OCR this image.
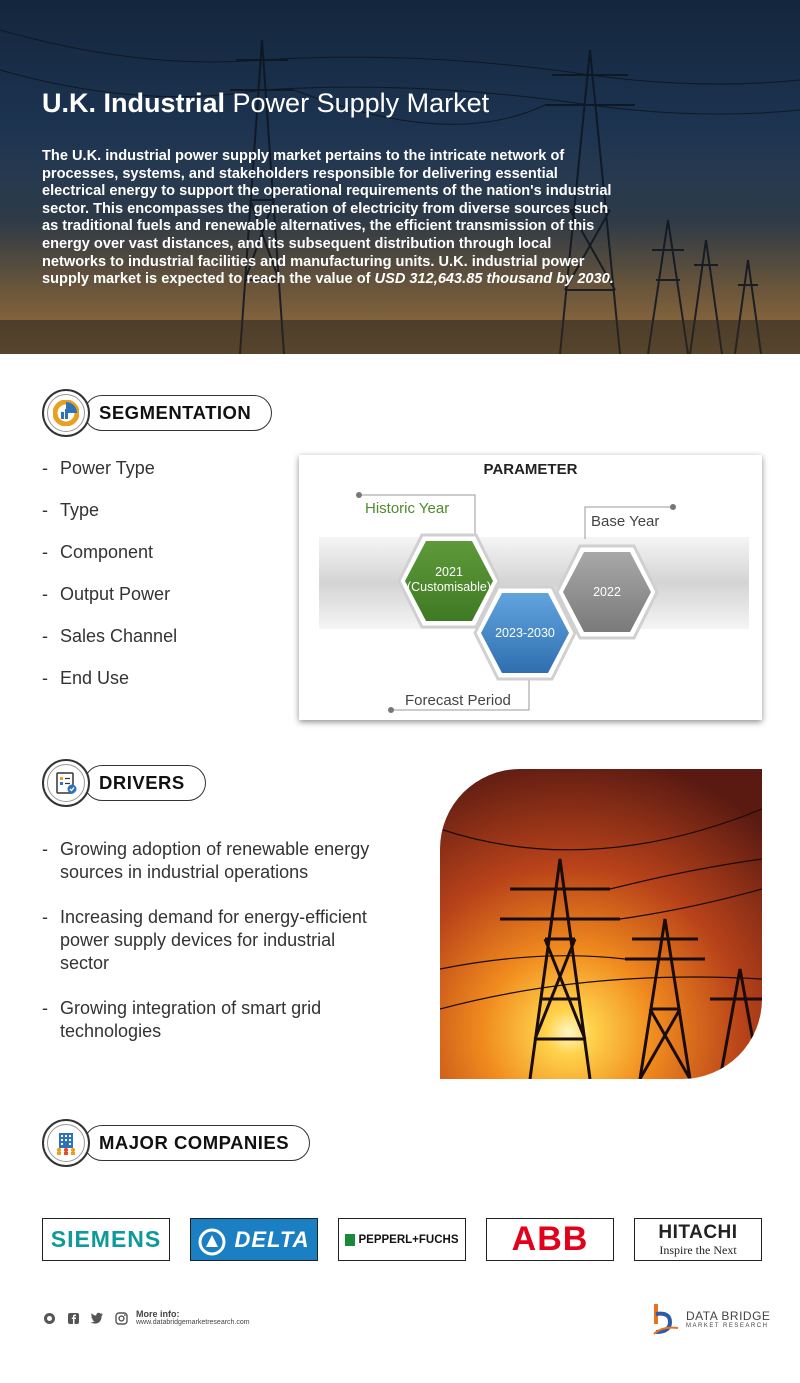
U.K. Industrial Power Supply Market

The U.K. industrial power supply market pertains to the intricate network of processes, systems, and stakeholders responsible for delivering essential electrical energy to support the operational requirements of the nation's industrial sector. This encompasses the generation of electricity from diverse sources such as traditional fuels and renewable alternatives, the efficient transmission of this energy over vast distances, and its subsequent distribution through local networks to industrial facilities and manufacturing units. U.K. industrial power supply market is expected to reach the value of USD 312,643.85 thousand by 2030.

SEGMENTATION
- Power Type
- Type
- Component
- Output Power
- Sales Channel
- End Use
PARAMETER
Historic Year
Base Year
Forecast Period
2021
(Customisable)
2023-2030
2022
DRIVERS
- Growing adoption of renewable energy sources in industrial operations
- Increasing demand for energy-efficient power supply devices for industrial sector
- Growing integration of smart grid technologies
MAJOR COMPANIES
SIEMENS	DELTA	PEPPERL+FUCHS ABB	HITACHI
Inspire the Next
More info:
www.databridgemarketresearch.com	DATA BRIDGE
MARKET RESEARCH
